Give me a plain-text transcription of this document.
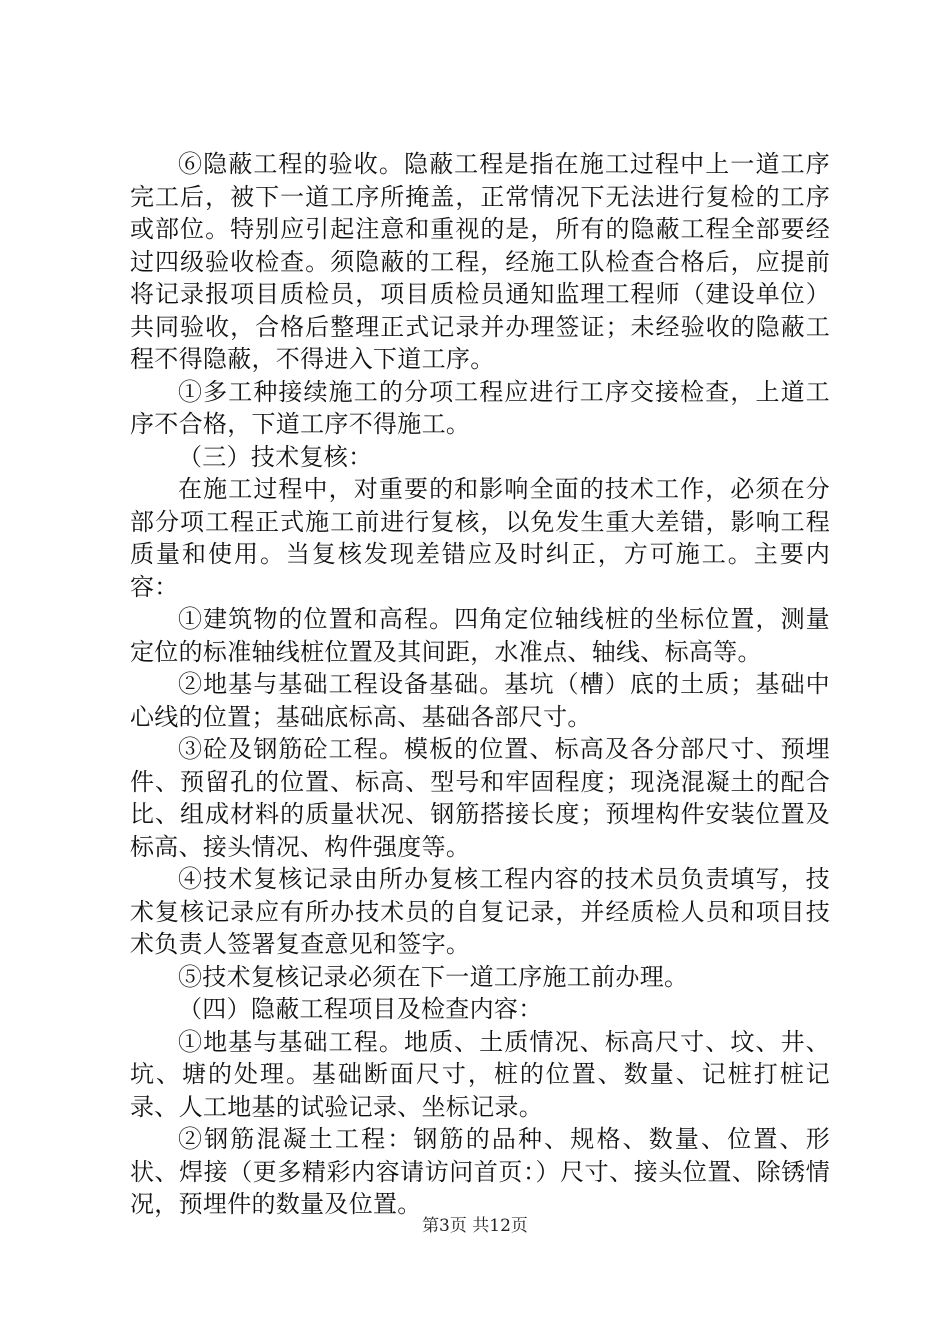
⑥隐蔽工程的验收。隐蔽工程是指在施工过程中上一道工序完工后，被下一道工序所掩盖，正常情况下无法进行复检的工序或部位。特别应引起注意和重视的是，所有的隐蔽工程全部要经过四级验收检查。须隐蔽的工程，经施工队检查合格后，应提前将记录报项目质检员，项目质检员通知监理工程师（建设单位）共同验收，合格后整理正式记录并办理签证；未经验收的隐蔽工程不得隐蔽，不得进入下道工序。

①多工种接续施工的分项工程应进行工序交接检查，上道工序不合格，下道工序不得施工。

（三）技术复核：

在施工过程中，对重要的和影响全面的技术工作，必须在分部分项工程正式施工前进行复核，以免发生重大差错，影响工程质量和使用。当复核发现差错应及时纠正，方可施工。主要内容：

①建筑物的位置和高程。四角定位轴线桩的坐标位置，测量定位的标准轴线桩位置及其间距，水准点、轴线、标高等。

②地基与基础工程设备基础。基坑（槽）底的土质；基础中心线的位置；基础底标高、基础各部尺寸。

③砼及钢筋砼工程。模板的位置、标高及各分部尺寸、预埋件、预留孔的位置、标高、型号和牢固程度；现浇混凝土的配合比、组成材料的质量状况、钢筋搭接长度；预埋构件安装位置及标高、接头情况、构件强度等。

④技术复核记录由所办复核工程内容的技术员负责填写，技术复核记录应有所办技术员的自复记录，并经质检人员和项目技术负责人签署复查意见和签字。

⑤技术复核记录必须在下一道工序施工前办理。

（四）隐蔽工程项目及检查内容：

①地基与基础工程。地质、土质情况、标高尺寸、坟、井、坑、塘的处理。基础断面尺寸，桩的位置、数量、记桩打桩记录、人工地基的试验记录、坐标记录。

②钢筋混凝土工程：钢筋的品种、规格、数量、位置、形状、焊接（更多精彩内容请访问首页：）尺寸、接头位置、除锈情况，预埋件的数量及位置。

第3页 共12页
